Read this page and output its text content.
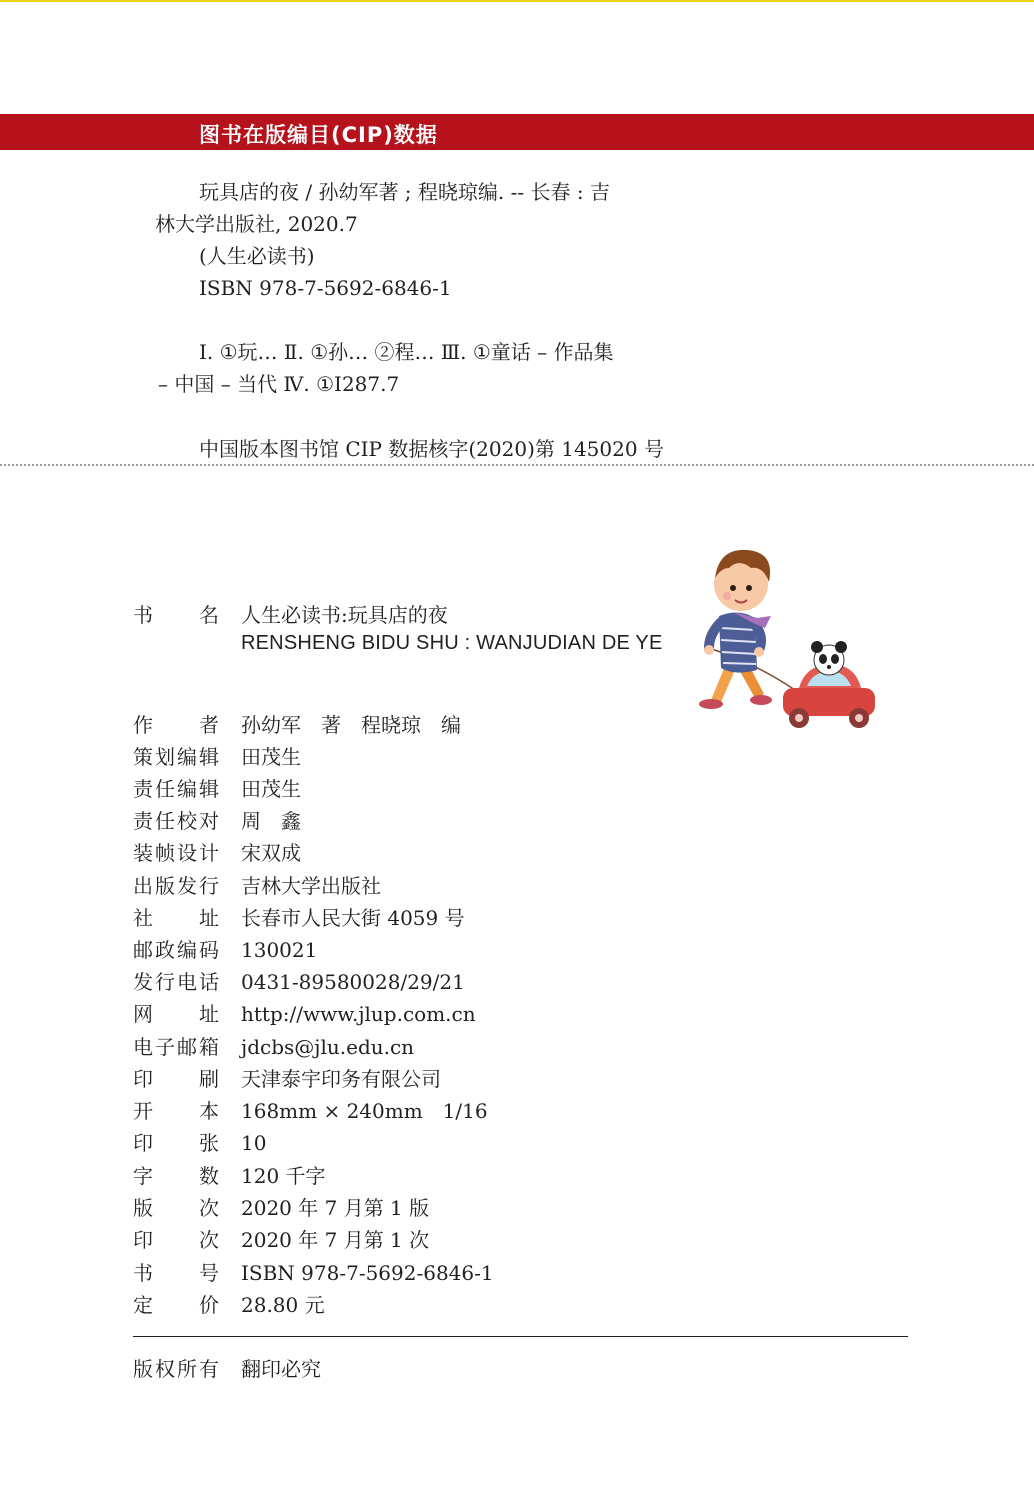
图书在版编目(CIP)数据
玩具店的夜 / 孙幼军著 ; 程晓琼编. -- 长春 : 吉
林大学出版社, 2020.7
(人生必读书)
ISBN 978-7-5692-6846-1
Ⅰ. ①玩… Ⅱ. ①孙… ②程… Ⅲ. ①童话 – 作品集
– 中国 – 当代 Ⅳ. ①I287.7
中国版本图书馆 CIP 数据核字(2020)第 145020 号
书名 人生必读书:玩具店的夜
RENSHENG BIDU SHU : WANJUDIAN DE YE
作者 孙幼军　著　程晓琼　编
策划编辑 田茂生
责任编辑 田茂生
责任校对 周　鑫
装帧设计 宋双成
出版发行 吉林大学出版社
社址 长春市人民大街 4059 号
邮政编码 130021
发行电话 0431-89580028/29/21
网址 http://www.jlup.com.cn
电子邮箱 jdcbs@jlu.edu.cn
印刷 天津泰宇印务有限公司
开本 168mm × 240mm　1/16
印张 10
字数 120 千字
版次 2020 年 7 月第 1 版
印次 2020 年 7 月第 1 次
书号 ISBN 978-7-5692-6846-1
定价 28.80 元
版权所有 翻印必究
